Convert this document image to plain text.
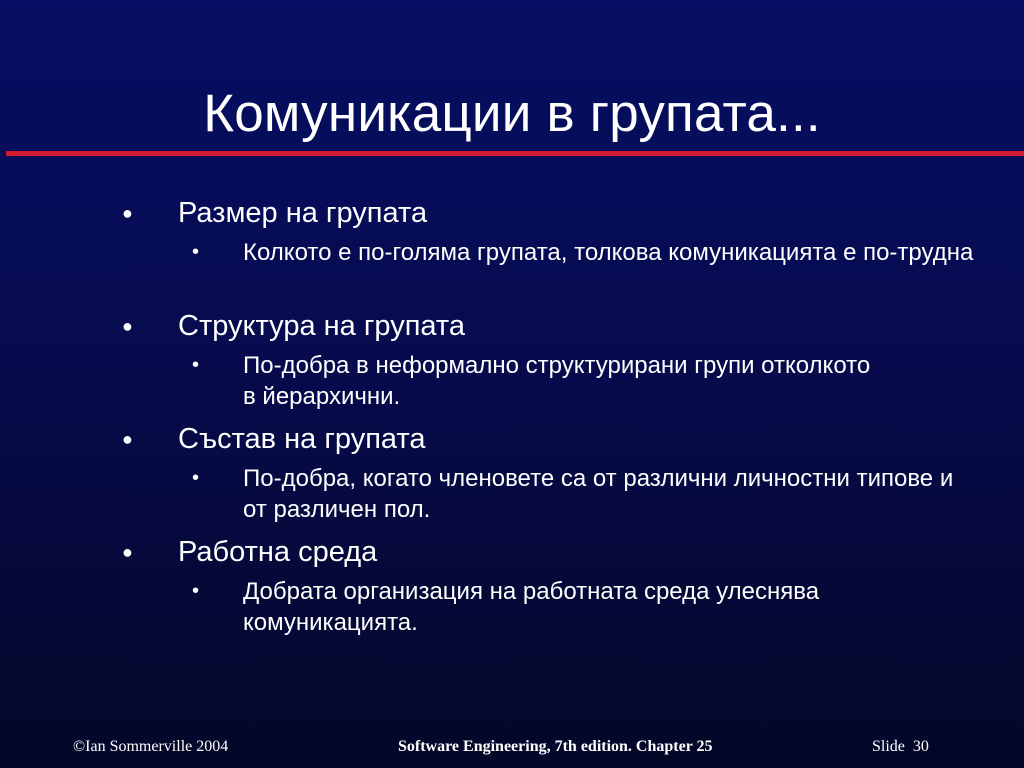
Комуникации в групата...
● Размер на групата
• Колкото е по-голяма групата, толкова комуникацията е по-трудна
● Структура на групата
• По-добра в неформално структурирани групи отколкото в йерархични.
● Състав на групата
• По-добра, когато членовете са от различни личностни типове и от различен пол.
● Работна среда
• Добрата организация на работната среда улеснява комуникацията.
©Ian Sommerville 2004	Software Engineering, 7th edition. Chapter 25	Slide  30
